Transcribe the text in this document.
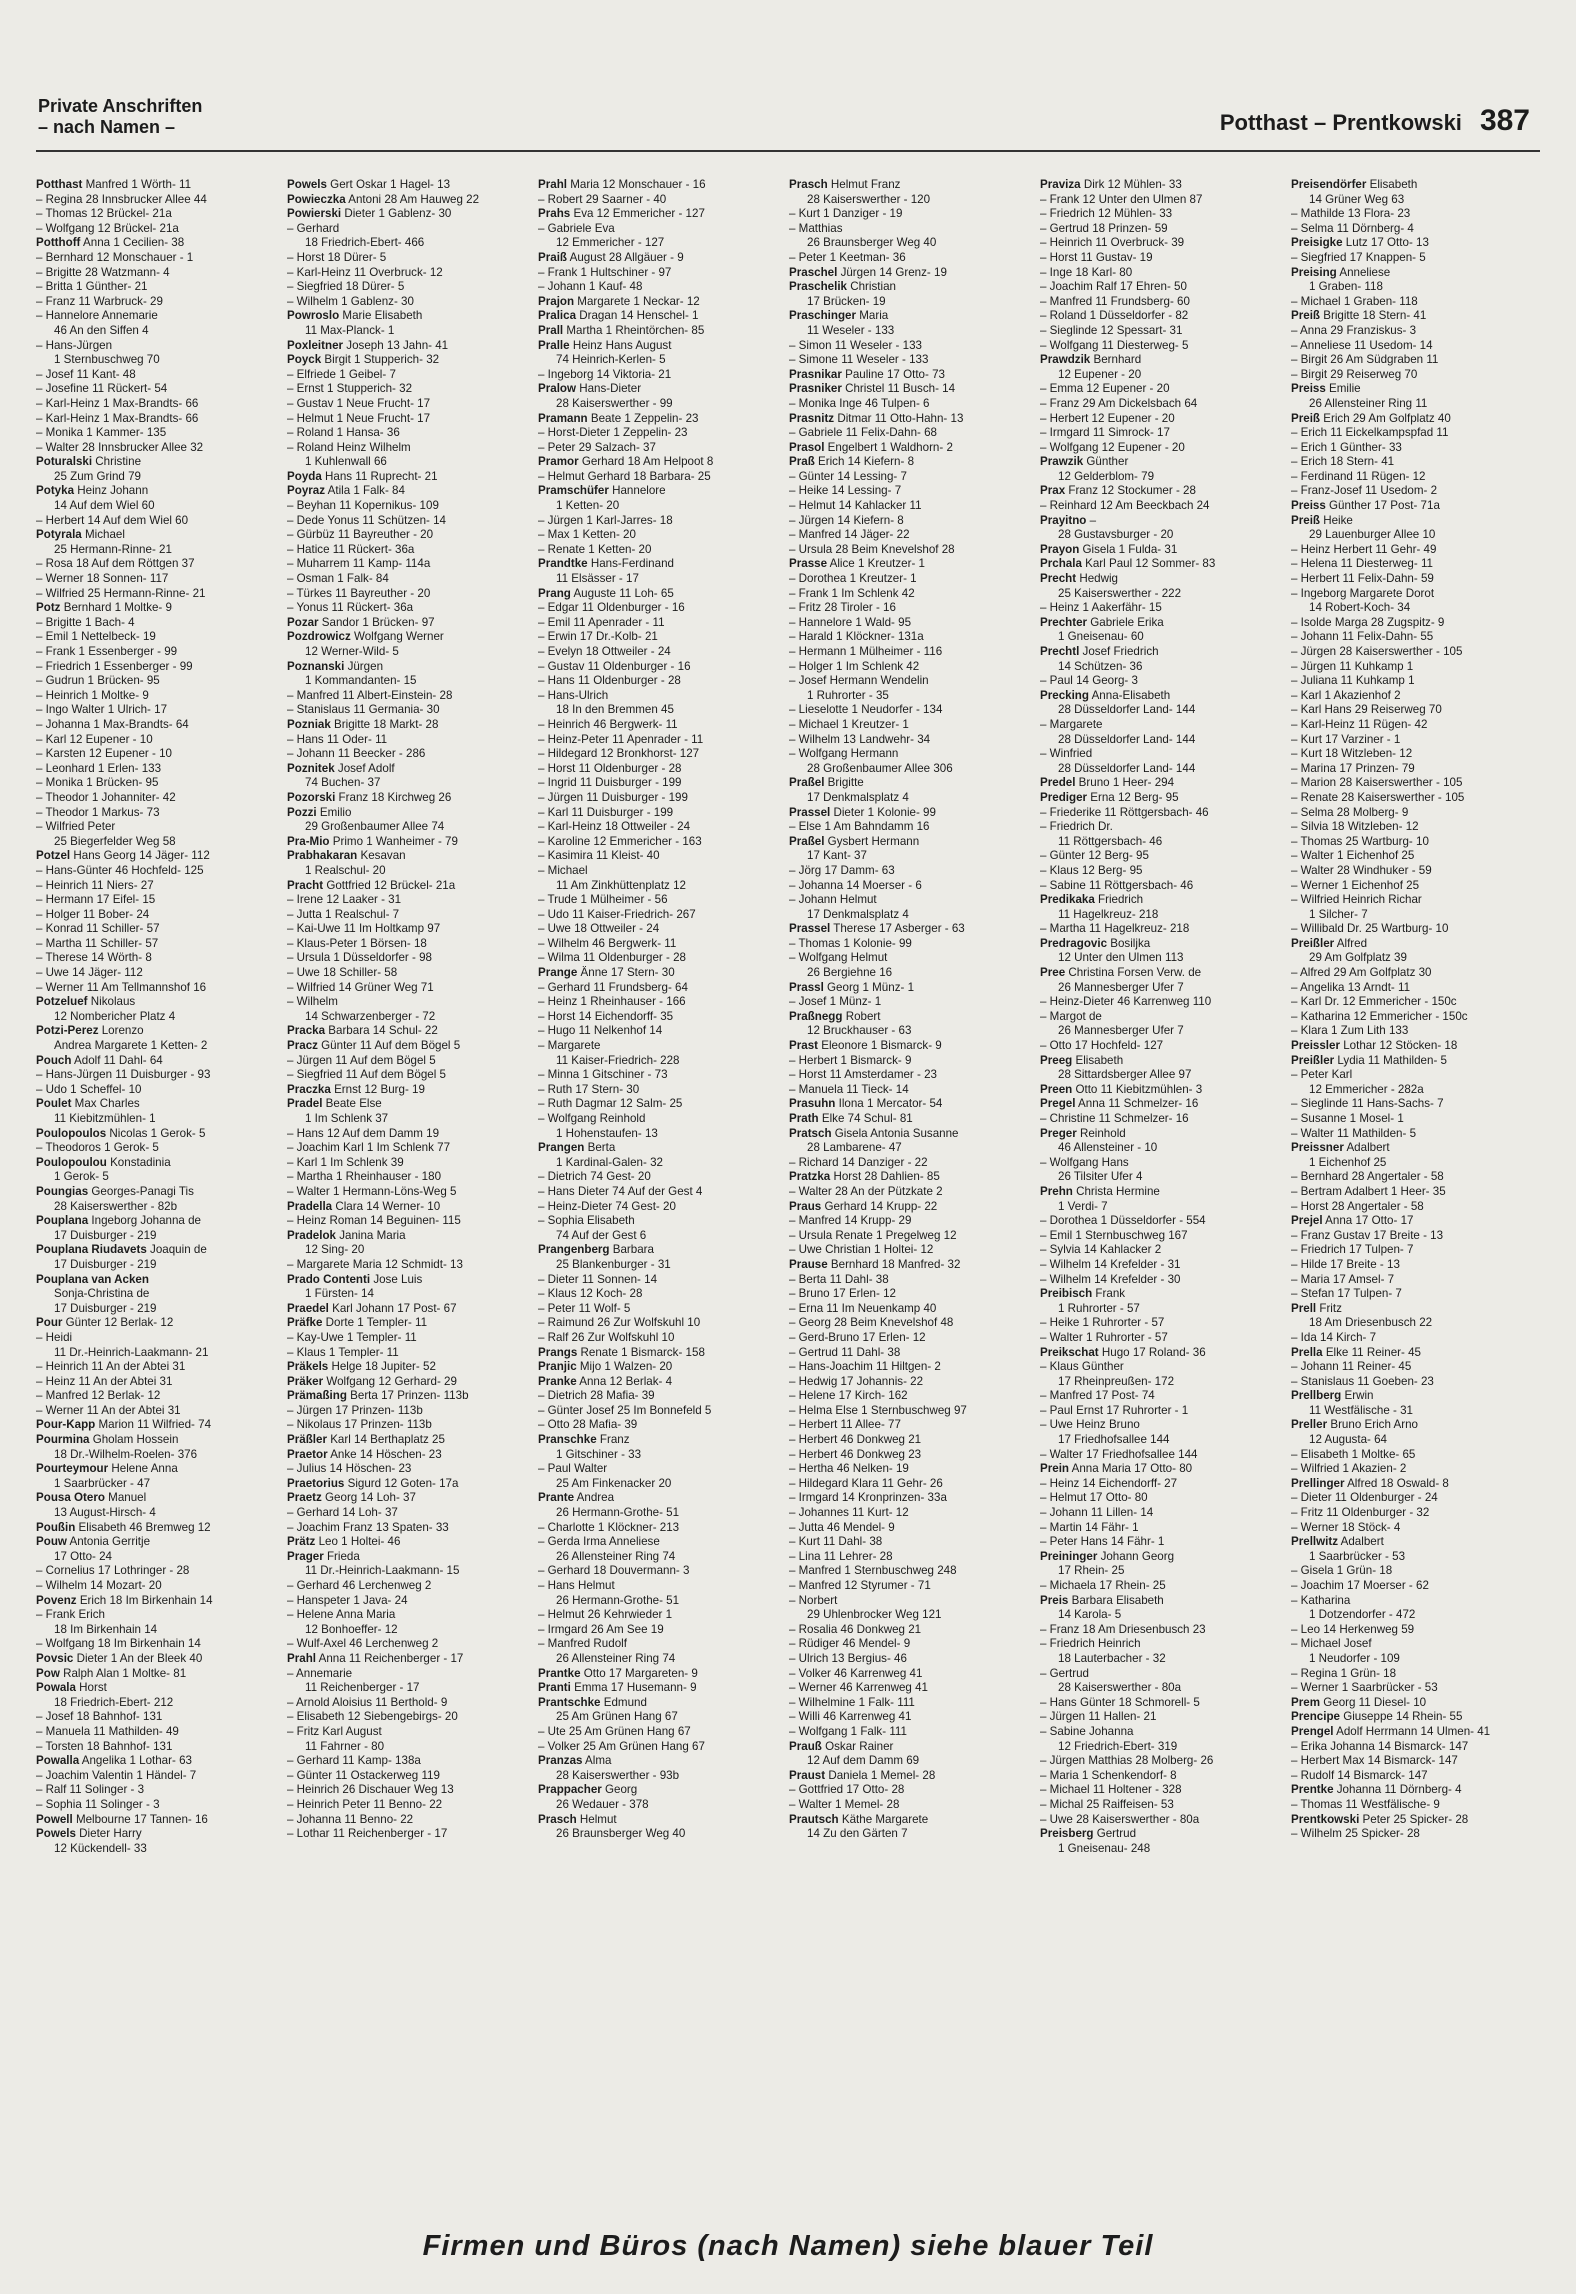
Private Anschriften
– nach Namen –	Potthast – Prentkowski 387
Potthast Manfred 1 Wörth- 11
– Regina 28 Innsbrucker Allee 44
– Thomas 12 Brückel- 21a
– Wolfgang 12 Brückel- 21a
Potthoff Anna 1 Cecilien- 38
– Bernhard 12 Monschauer - 1
– Brigitte 28 Watzmann- 4
– Britta 1 Günther- 21
– Franz 11 Warbruck- 29
– Hannelore Annemarie
46 An den Siffen 4
– Hans-Jürgen
1 Sternbuschweg 70
– Josef 11 Kant- 48
– Josefine 11 Rückert- 54
– Karl-Heinz 1 Max-Brandts- 66
– Karl-Heinz 1 Max-Brandts- 66
– Monika 1 Kammer- 135
– Walter 28 Innsbrucker Allee 32
Poturalski Christine
25 Zum Grind 79
Potyka Heinz Johann
14 Auf dem Wiel 60
– Herbert 14 Auf dem Wiel 60
Potyrala Michael
25 Hermann-Rinne- 21
– Rosa 18 Auf dem Röttgen 37
– Werner 18 Sonnen- 117
– Wilfried 25 Hermann-Rinne- 21
Potz Bernhard 1 Moltke- 9
– Brigitte 1 Bach- 4
– Emil 1 Nettelbeck- 19
– Frank 1 Essenberger - 99
– Friedrich 1 Essenberger - 99
– Gudrun 1 Brücken- 95
– Heinrich 1 Moltke- 9
– Ingo Walter 1 Ulrich- 17
– Johanna 1 Max-Brandts- 64
– Karl 12 Eupener - 10
– Karsten 12 Eupener - 10
– Leonhard 1 Erlen- 133
– Monika 1 Brücken- 95
– Theodor 1 Johanniter- 42
– Theodor 1 Markus- 73
– Wilfried Peter
25 Biegerfelder Weg 58
Potzel Hans Georg 14 Jäger- 112
– Hans-Günter 46 Hochfeld- 125
– Heinrich 11 Niers- 27
– Hermann 17 Eifel- 15
– Holger 11 Bober- 24
– Konrad 11 Schiller- 57
– Martha 11 Schiller- 57
– Therese 14 Wörth- 8
– Uwe 14 Jäger- 112
– Werner 11 Am Tellmannshof 16
Potzeluef Nikolaus
12 Nombericher Platz 4
Potzi-Perez Lorenzo
Andrea Margarete 1 Ketten- 2
Pouch Adolf 11 Dahl- 64
– Hans-Jürgen 11 Duisburger - 93
– Udo 1 Scheffel- 10
Poulet Max Charles
11 Kiebitzmühlen- 1
Poulopoulos Nicolas 1 Gerok- 5
– Theodoros 1 Gerok- 5
Poulopoulou Konstadinia
1 Gerok- 5
Poungias Georges-Panagi Tis
28 Kaiserswerther - 82b
Pouplana Ingeborg Johanna de
17 Duisburger - 219
Pouplana Riudavets Joaquin de
17 Duisburger - 219
Pouplana van Acken
Sonja-Christina de
17 Duisburger - 219
Pour Günter 12 Berlak- 12
– Heidi
11 Dr.-Heinrich-Laakmann- 21
– Heinrich 11 An der Abtei 31
– Heinz 11 An der Abtei 31
– Manfred 12 Berlak- 12
– Werner 11 An der Abtei 31
Pour-Kapp Marion 11 Wilfried- 74
Pourmina Gholam Hossein
18 Dr.-Wilhelm-Roelen- 376
Pourteymour Helene Anna
1 Saarbrücker - 47
Pousa Otero Manuel
13 August-Hirsch- 4
Poußin Elisabeth 46 Bremweg 12
Pouw Antonia Gerritje
17 Otto- 24
– Cornelius 17 Lothringer - 28
– Wilhelm 14 Mozart- 20
Povenz Erich 18 Im Birkenhain 14
– Frank Erich
18 Im Birkenhain 14
– Wolfgang 18 Im Birkenhain 14
Povsic Dieter 1 An der Bleek 40
Pow Ralph Alan 1 Moltke- 81
Powala Horst
18 Friedrich-Ebert- 212
– Josef 18 Bahnhof- 131
– Manuela 11 Mathilden- 49
– Torsten 18 Bahnhof- 131
Powalla Angelika 1 Lothar- 63
– Joachim Valentin 1 Händel- 7
– Ralf 11 Solinger - 3
– Sophia 11 Solinger - 3
Powell Melbourne 17 Tannen- 16
Powels Dieter Harry
12 Kückendell- 33
Powels Gert Oskar 1 Hagel- 13
Powieczka Antoni 28 Am Hauweg 22
Powierski Dieter 1 Gablenz- 30
– Gerhard
18 Friedrich-Ebert- 466
– Horst 18 Dürer- 5
– Karl-Heinz 11 Overbruck- 12
– Siegfried 18 Dürer- 5
– Wilhelm 1 Gablenz- 30
Powroslo Marie Elisabeth
11 Max-Planck- 1
Poxleitner Joseph 13 Jahn- 41
Poyck Birgit 1 Stupperich- 32
– Elfriede 1 Geibel- 7
– Ernst 1 Stupperich- 32
– Gustav 1 Neue Frucht- 17
– Helmut 1 Neue Frucht- 17
– Roland 1 Hansa- 36
– Roland Heinz Wilhelm
1 Kuhlenwall 66
Poyda Hans 11 Ruprecht- 21
Poyraz Atila 1 Falk- 84
– Beyhan 11 Kopernikus- 109
– Dede Yonus 11 Schützen- 14
– Gürbüz 11 Bayreuther - 20
– Hatice 11 Rückert- 36a
– Muharrem 11 Kamp- 114a
– Osman 1 Falk- 84
– Türkes 11 Bayreuther - 20
– Yonus 11 Rückert- 36a
Pozar Sandor 1 Brücken- 97
Pozdrowicz Wolfgang Werner
12 Werner-Wild- 5
Poznanski Jürgen
1 Kommandanten- 15
– Manfred 11 Albert-Einstein- 28
– Stanislaus 11 Germania- 30
Pozniak Brigitte 18 Markt- 28
– Hans 11 Oder- 11
– Johann 11 Beecker - 286
Poznitek Josef Adolf
74 Buchen- 37
Pozorski Franz 18 Kirchweg 26
Pozzi Emilio
29 Großenbaumer Allee 74
Pra-Mio Primo 1 Wanheimer - 79
Prabhakaran Kesavan
1 Realschul- 20
Pracht Gottfried 12 Brückel- 21a
– Irene 12 Laaker - 31
– Jutta 1 Realschul- 7
– Kai-Uwe 11 Im Holtkamp 97
– Klaus-Peter 1 Börsen- 18
– Ursula 1 Düsseldorfer - 98
– Uwe 18 Schiller- 58
– Wilfried 14 Grüner Weg 71
– Wilhelm
14 Schwarzenberger - 72
Pracka Barbara 14 Schul- 22
Pracz Günter 11 Auf dem Bögel 5
– Jürgen 11 Auf dem Bögel 5
– Siegfried 11 Auf dem Bögel 5
Praczka Ernst 12 Burg- 19
Pradel Beate Else
1 Im Schlenk 37
– Hans 12 Auf dem Damm 19
– Joachim Karl 1 Im Schlenk 77
– Karl 1 Im Schlenk 39
– Martha 1 Rheinhauser - 180
– Walter 1 Hermann-Löns-Weg 5
Pradella Clara 14 Werner- 10
– Heinz Roman 14 Beguinen- 115
Pradelok Janina Maria
12 Sing- 20
– Margarete Maria 12 Schmidt- 13
Prado Contenti Jose Luis
1 Fürsten- 14
Praedel Karl Johann 17 Post- 67
Präfke Dorte 1 Templer- 11
– Kay-Uwe 1 Templer- 11
– Klaus 1 Templer- 11
Präkels Helge 18 Jupiter- 52
Präker Wolfgang 12 Gerhard- 29
Prämaßing Berta 17 Prinzen- 113b
– Jürgen 17 Prinzen- 113b
– Nikolaus 17 Prinzen- 113b
Präßler Karl 14 Berthaplatz 25
Praetor Anke 14 Höschen- 23
– Julius 14 Höschen- 23
Praetorius Sigurd 12 Goten- 17a
Praetz Georg 14 Loh- 37
– Gerhard 14 Loh- 37
– Joachim Franz 13 Spaten- 33
Prätz Leo 1 Holtei- 46
Prager Frieda
11 Dr.-Heinrich-Laakmann- 15
– Gerhard 46 Lerchenweg 2
– Hanspeter 1 Java- 24
– Helene Anna Maria
12 Bonhoeffer- 12
– Wulf-Axel 46 Lerchenweg 2
Prahl Anna 11 Reichenberger - 17
– Annemarie
11 Reichenberger - 17
– Arnold Aloisius 11 Berthold- 9
– Elisabeth 12 Siebengebirgs- 20
– Fritz Karl August
11 Fahrner - 80
– Gerhard 11 Kamp- 138a
– Günter 11 Ostackerweg 119
– Heinrich 26 Dischauer Weg 13
– Heinrich Peter 11 Benno- 22
– Johanna 11 Benno- 22
– Lothar 11 Reichenberger - 17
Prahl Maria 12 Monschauer - 16
– Robert 29 Saarner - 40
Prahs Eva 12 Emmericher - 127
– Gabriele Eva
12 Emmericher - 127
Praiß August 28 Allgäuer - 9
– Frank 1 Hultschiner - 97
– Johann 1 Kauf- 48
Prajon Margarete 1 Neckar- 12
Pralica Dragan 14 Henschel- 1
Prall Martha 1 Rheintörchen- 85
Pralle Heinz Hans August
74 Heinrich-Kerlen- 5
– Ingeborg 14 Viktoria- 21
Pralow Hans-Dieter
28 Kaiserswerther - 99
Pramann Beate 1 Zeppelin- 23
– Horst-Dieter 1 Zeppelin- 23
– Peter 29 Salzach- 37
Pramor Gerhard 18 Am Helpoot 8
– Helmut Gerhard 18 Barbara- 25
Pramschüfer Hannelore
1 Ketten- 20
– Jürgen 1 Karl-Jarres- 18
– Max 1 Ketten- 20
– Renate 1 Ketten- 20
Prandtke Hans-Ferdinand
11 Elsässer - 17
Prang Auguste 11 Loh- 65
– Edgar 11 Oldenburger - 16
– Emil 11 Apenrader - 11
– Erwin 17 Dr.-Kolb- 21
– Evelyn 18 Ottweiler - 24
– Gustav 11 Oldenburger - 16
– Hans 11 Oldenburger - 28
– Hans-Ulrich
18 In den Bremmen 45
– Heinrich 46 Bergwerk- 11
– Heinz-Peter 11 Apenrader - 11
– Hildegard 12 Bronkhorst- 127
– Horst 11 Oldenburger - 28
– Ingrid 11 Duisburger - 199
– Jürgen 11 Duisburger - 199
– Karl 11 Duisburger - 199
– Karl-Heinz 18 Ottweiler - 24
– Karoline 12 Emmericher - 163
– Kasimira 11 Kleist- 40
– Michael
11 Am Zinkhüttenplatz 12
– Trude 1 Mülheimer - 56
– Udo 11 Kaiser-Friedrich- 267
– Uwe 18 Ottweiler - 24
– Wilhelm 46 Bergwerk- 11
– Wilma 11 Oldenburger - 28
Prange Änne 17 Stern- 30
– Gerhard 11 Frundsberg- 64
– Heinz 1 Rheinhauser - 166
– Horst 14 Eichendorff- 35
– Hugo 11 Nelkenhof 14
– Margarete
11 Kaiser-Friedrich- 228
– Minna 1 Gitschiner - 73
– Ruth 17 Stern- 30
– Ruth Dagmar 12 Salm- 25
– Wolfgang Reinhold
1 Hohenstaufen- 13
Prangen Berta
1 Kardinal-Galen- 32
– Dietrich 74 Gest- 20
– Hans Dieter 74 Auf der Gest 4
– Heinz-Dieter 74 Gest- 20
– Sophia Elisabeth
74 Auf der Gest 6
Prangenberg Barbara
25 Blankenburger - 31
– Dieter 11 Sonnen- 14
– Klaus 12 Koch- 28
– Peter 11 Wolf- 5
– Raimund 26 Zur Wolfskuhl 10
– Ralf 26 Zur Wolfskuhl 10
Prangs Renate 1 Bismarck- 158
Pranjic Mijo 1 Walzen- 20
Pranke Anna 12 Berlak- 4
– Dietrich 28 Mafia- 39
– Günter Josef 25 Im Bonnefeld 5
– Otto 28 Mafia- 39
Pranschke Franz
1 Gitschiner - 33
– Paul Walter
25 Am Finkenacker 20
Prante Andrea
26 Hermann-Grothe- 51
– Charlotte 1 Klöckner- 213
– Gerda Irma Anneliese
26 Allensteiner Ring 74
– Gerhard 18 Douvermann- 3
– Hans Helmut
26 Hermann-Grothe- 51
– Helmut 26 Kehrwieder 1
– Irmgard 26 Am See 19
– Manfred Rudolf
26 Allensteiner Ring 74
Prantke Otto 17 Margareten- 9
Pranti Emma 17 Husemann- 9
Prantschke Edmund
25 Am Grünen Hang 67
– Ute 25 Am Grünen Hang 67
– Volker 25 Am Grünen Hang 67
Pranzas Alma
28 Kaiserswerther - 93b
Prappacher Georg
26 Wedauer - 378
Prasch Helmut
26 Braunsberger Weg 40
Prasch Helmut Franz
28 Kaiserswerther - 120
– Kurt 1 Danziger - 19
– Matthias
26 Braunsberger Weg 40
– Peter 1 Keetman- 36
Praschel Jürgen 14 Grenz- 19
Praschelik Christian
17 Brücken- 19
Praschinger Maria
11 Weseler - 133
– Simon 11 Weseler - 133
– Simone 11 Weseler - 133
Prasnikar Pauline 17 Otto- 73
Prasniker Christel 11 Busch- 14
– Monika Inge 46 Tulpen- 6
Prasnitz Ditmar 11 Otto-Hahn- 13
– Gabriele 11 Felix-Dahn- 68
Prasol Engelbert 1 Waldhorn- 2
Praß Erich 14 Kiefern- 8
– Günter 14 Lessing- 7
– Heike 14 Lessing- 7
– Helmut 14 Kahlacker 11
– Jürgen 14 Kiefern- 8
– Manfred 14 Jäger- 22
– Ursula 28 Beim Knevelshof 28
Prasse Alice 1 Kreutzer- 1
– Dorothea 1 Kreutzer- 1
– Frank 1 Im Schlenk 42
– Fritz 28 Tiroler - 16
– Hannelore 1 Wald- 95
– Harald 1 Klöckner- 131a
– Hermann 1 Mülheimer - 116
– Holger 1 Im Schlenk 42
– Josef Hermann Wendelin
1 Ruhrorter - 35
– Lieselotte 1 Neudorfer - 134
– Michael 1 Kreutzer- 1
– Wilhelm 13 Landwehr- 34
– Wolfgang Hermann
28 Großenbaumer Allee 306
Praßel Brigitte
17 Denkmalsplatz 4
Prassel Dieter 1 Kolonie- 99
– Else 1 Am Bahndamm 16
Praßel Gysbert Hermann
17 Kant- 37
– Jörg 17 Damm- 63
– Johanna 14 Moerser - 6
– Johann Helmut
17 Denkmalsplatz 4
Prassel Therese 17 Asberger - 63
– Thomas 1 Kolonie- 99
– Wolfgang Helmut
26 Bergiehne 16
Prassl Georg 1 Münz- 1
– Josef 1 Münz- 1
Praßnegg Robert
12 Bruckhauser - 63
Prast Eleonore 1 Bismarck- 9
– Herbert 1 Bismarck- 9
– Horst 11 Amsterdamer - 23
– Manuela 11 Tieck- 14
Prasuhn Ilona 1 Mercator- 54
Prath Elke 74 Schul- 81
Pratsch Gisela Antonia Susanne
28 Lambarene- 47
– Richard 14 Danziger - 22
Pratzka Horst 28 Dahlien- 85
– Walter 28 An der Pützkate 2
Praus Gerhard 14 Krupp- 22
– Manfred 14 Krupp- 29
– Ursula Renate 1 Pregelweg 12
– Uwe Christian 1 Holtei- 12
Prause Bernhard 18 Manfred- 32
– Berta 11 Dahl- 38
– Bruno 17 Erlen- 12
– Erna 11 Im Neuenkamp 40
– Georg 28 Beim Knevelshof 48
– Gerd-Bruno 17 Erlen- 12
– Gertrud 11 Dahl- 38
– Hans-Joachim 11 Hiltgen- 2
– Hedwig 17 Johannis- 22
– Helene 17 Kirch- 162
– Helma Else 1 Sternbuschweg 97
– Herbert 11 Allee- 77
– Herbert 46 Donkweg 21
– Herbert 46 Donkweg 23
– Hertha 46 Nelken- 19
– Hildegard Klara 11 Gehr- 26
– Irmgard 14 Kronprinzen- 33a
– Johannes 11 Kurt- 12
– Jutta 46 Mendel- 9
– Kurt 11 Dahl- 38
– Lina 11 Lehrer- 28
– Manfred 1 Sternbuschweg 248
– Manfred 12 Styrumer - 71
– Norbert
29 Uhlenbrocker Weg 121
– Rosalia 46 Donkweg 21
– Rüdiger 46 Mendel- 9
– Ulrich 13 Bergius- 46
– Volker 46 Karrenweg 41
– Werner 46 Karrenweg 41
– Wilhelmine 1 Falk- 111
– Willi 46 Karrenweg 41
– Wolfgang 1 Falk- 111
Prauß Oskar Rainer
12 Auf dem Damm 69
Praust Daniela 1 Memel- 28
– Gottfried 17 Otto- 28
– Walter 1 Memel- 28
Prautsch Käthe Margarete
14 Zu den Gärten 7
Praviza Dirk 12 Mühlen- 33
– Frank 12 Unter den Ulmen 87
– Friedrich 12 Mühlen- 33
– Gertrud 18 Prinzen- 59
– Heinrich 11 Overbruck- 39
– Horst 11 Gustav- 19
– Inge 18 Karl- 80
– Joachim Ralf 17 Ehren- 50
– Manfred 11 Frundsberg- 60
– Roland 1 Düsseldorfer - 82
– Sieglinde 12 Spessart- 31
– Wolfgang 11 Diesterweg- 5
Prawdzik Bernhard
12 Eupener - 20
– Emma 12 Eupener - 20
– Franz 29 Am Dickelsbach 64
– Herbert 12 Eupener - 20
– Irmgard 11 Simrock- 17
– Wolfgang 12 Eupener - 20
Prawzik Günther
12 Gelderblom- 79
Prax Franz 12 Stockumer - 28
– Reinhard 12 Am Beeckbach 24
Prayitno –
28 Gustavsburger - 20
Prayon Gisela 1 Fulda- 31
Prchala Karl Paul 12 Sommer- 83
Precht Hedwig
25 Kaiserswerther - 222
– Heinz 1 Aakerfähr- 15
Prechter Gabriele Erika
1 Gneisenau- 60
Prechtl Josef Friedrich
14 Schützen- 36
– Paul 14 Georg- 3
Precking Anna-Elisabeth
28 Düsseldorfer Land- 144
– Margarete
28 Düsseldorfer Land- 144
– Winfried
28 Düsseldorfer Land- 144
Predel Bruno 1 Heer- 294
Prediger Erna 12 Berg- 95
– Friederike 11 Röttgersbach- 46
– Friedrich Dr.
11 Röttgersbach- 46
– Günter 12 Berg- 95
– Klaus 12 Berg- 95
– Sabine 11 Röttgersbach- 46
Predikaka Friedrich
11 Hagelkreuz- 218
– Martha 11 Hagelkreuz- 218
Predragovic Bosiljka
12 Unter den Ulmen 113
Pree Christina Forsen Verw. de
26 Mannesberger Ufer 7
– Heinz-Dieter 46 Karrenweg 110
– Margot de
26 Mannesberger Ufer 7
– Otto 17 Hochfeld- 127
Preeg Elisabeth
28 Sittardsberger Allee 97
Preen Otto 11 Kiebitzmühlen- 3
Pregel Anna 11 Schmelzer- 16
– Christine 11 Schmelzer- 16
Preger Reinhold
46 Allensteiner - 10
– Wolfgang Hans
26 Tilsiter Ufer 4
Prehn Christa Hermine
1 Verdi- 7
– Dorothea 1 Düsseldorfer - 554
– Emil 1 Sternbuschweg 167
– Sylvia 14 Kahlacker 2
– Wilhelm 14 Krefelder - 31
– Wilhelm 14 Krefelder - 30
Preibisch Frank
1 Ruhrorter - 57
– Heike 1 Ruhrorter - 57
– Walter 1 Ruhrorter - 57
Preikschat Hugo 17 Roland- 36
– Klaus Günther
17 Rheinpreußen- 172
– Manfred 17 Post- 74
– Paul Ernst 17 Ruhrorter - 1
– Uwe Heinz Bruno
17 Friedhofsallee 144
– Walter 17 Friedhofsallee 144
Prein Anna Maria 17 Otto- 80
– Heinz 14 Eichendorff- 27
– Helmut 17 Otto- 80
– Johann 11 Lillen- 14
– Martin 14 Fähr- 1
– Peter Hans 14 Fähr- 1
Preininger Johann Georg
17 Rhein- 25
– Michaela 17 Rhein- 25
Preis Barbara Elisabeth
14 Karola- 5
– Franz 18 Am Driesenbusch 23
– Friedrich Heinrich
18 Lauterbacher - 32
– Gertrud
28 Kaiserswerther - 80a
– Hans Günter 18 Schmorell- 5
– Jürgen 11 Hallen- 21
– Sabine Johanna
12 Friedrich-Ebert- 319
– Jürgen Matthias 28 Molberg- 26
– Maria 1 Schenkendorf- 8
– Michael 11 Holtener - 328
– Michal 25 Raiffeisen- 53
– Uwe 28 Kaiserswerther - 80a
Preisberg Gertrud
1 Gneisenau- 248
Preisendörfer Elisabeth
14 Grüner Weg 63
– Mathilde 13 Flora- 23
– Selma 11 Dörnberg- 4
Preisigke Lutz 17 Otto- 13
– Siegfried 17 Knappen- 5
Preising Anneliese
1 Graben- 118
– Michael 1 Graben- 118
Preiß Brigitte 18 Stern- 41
– Anna 29 Franziskus- 3
– Anneliese 11 Usedom- 14
– Birgit 26 Am Südgraben 11
– Birgit 29 Reiserweg 70
Preiss Emilie
26 Allensteiner Ring 11
Preiß Erich 29 Am Golfplatz 40
– Erich 11 Eickelkampspfad 11
– Erich 1 Günther- 33
– Erich 18 Stern- 41
– Ferdinand 11 Rügen- 12
– Franz-Josef 11 Usedom- 2
Preiss Günther 17 Post- 71a
Preiß Heike
29 Lauenburger Allee 10
– Heinz Herbert 11 Gehr- 49
– Helena 11 Diesterweg- 11
– Herbert 11 Felix-Dahn- 59
– Ingeborg Margarete Dorot
14 Robert-Koch- 34
– Isolde Marga 28 Zugspitz- 9
– Johann 11 Felix-Dahn- 55
– Jürgen 28 Kaiserswerther - 105
– Jürgen 11 Kuhkamp 1
– Juliana 11 Kuhkamp 1
– Karl 1 Akazienhof 2
– Karl Hans 29 Reiserweg 70
– Karl-Heinz 11 Rügen- 42
– Kurt 17 Varziner - 1
– Kurt 18 Witzleben- 12
– Marina 17 Prinzen- 79
– Marion 28 Kaiserswerther - 105
– Renate 28 Kaiserswerther - 105
– Selma 28 Molberg- 9
– Silvia 18 Witzleben- 12
– Thomas 25 Wartburg- 10
– Walter 1 Eichenhof 25
– Walter 28 Windhuker - 59
– Werner 1 Eichenhof 25
– Wilfried Heinrich Richar
1 Silcher- 7
– Willibald Dr. 25 Wartburg- 10
Preißler Alfred
29 Am Golfplatz 39
– Alfred 29 Am Golfplatz 30
– Angelika 13 Arndt- 11
– Karl Dr. 12 Emmericher - 150c
– Katharina 12 Emmericher - 150c
– Klara 1 Zum Lith 133
Preissler Lothar 12 Stöcken- 18
Preißler Lydia 11 Mathilden- 5
– Peter Karl
12 Emmericher - 282a
– Sieglinde 11 Hans-Sachs- 7
– Susanne 1 Mosel- 1
– Walter 11 Mathilden- 5
Preissner Adalbert
1 Eichenhof 25
– Bernhard 28 Angertaler - 58
– Bertram Adalbert 1 Heer- 35
– Horst 28 Angertaler - 58
Prejel Anna 17 Otto- 17
– Franz Gustav 17 Breite - 13
– Friedrich 17 Tulpen- 7
– Hilde 17 Breite - 13
– Maria 17 Amsel- 7
– Stefan 17 Tulpen- 7
Prell Fritz
18 Am Driesenbusch 22
– Ida 14 Kirch- 7
Prella Elke 11 Reiner- 45
– Johann 11 Reiner- 45
– Stanislaus 11 Goeben- 23
Prellberg Erwin
11 Westfälische - 31
Preller Bruno Erich Arno
12 Augusta- 64
– Elisabeth 1 Moltke- 65
– Wilfried 1 Akazien- 2
Prellinger Alfred 18 Oswald- 8
– Dieter 11 Oldenburger - 24
– Fritz 11 Oldenburger - 32
– Werner 18 Stöck- 4
Prellwitz Adalbert
1 Saarbrücker - 53
– Gisela 1 Grün- 18
– Joachim 17 Moerser - 62
– Katharina
1 Dotzendorfer - 472
– Leo 14 Herkenweg 59
– Michael Josef
1 Neudorfer - 109
– Regina 1 Grün- 18
– Werner 1 Saarbrücker - 53
Prem Georg 11 Diesel- 10
Prencipe Giuseppe 14 Rhein- 55
Prengel Adolf Herrmann 14 Ulmen- 41
– Erika Johanna 14 Bismarck- 147
– Herbert Max 14 Bismarck- 147
– Rudolf 14 Bismarck- 147
Prentke Johanna 11 Dörnberg- 4
– Thomas 11 Westfälische- 9
Prentkowski Peter 25 Spicker- 28
– Wilhelm 25 Spicker- 28
Firmen und Büros (nach Namen) siehe blauer Teil
